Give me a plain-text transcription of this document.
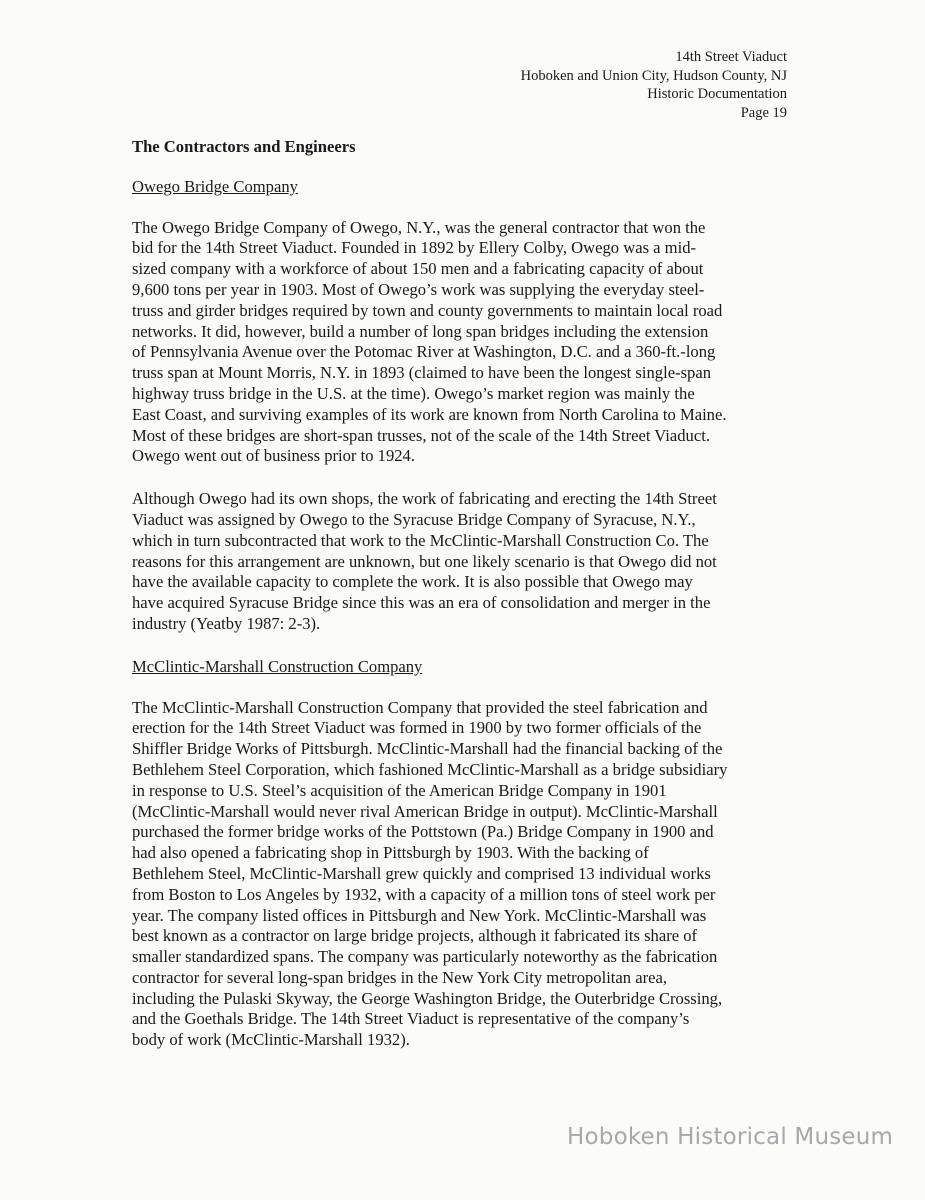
14th Street Viaduct
Hoboken and Union City, Hudson County, NJ
Historic Documentation
Page 19
The Contractors and Engineers
Owego Bridge Company
The Owego Bridge Company of Owego, N.Y., was the general contractor that won the
bid for the 14th Street Viaduct. Founded in 1892 by Ellery Colby, Owego was a mid-
sized company with a workforce of about 150 men and a fabricating capacity of about
9,600 tons per year in 1903. Most of Owego’s work was supplying the everyday steel-
truss and girder bridges required by town and county governments to maintain local road
networks. It did, however, build a number of long span bridges including the extension
of Pennsylvania Avenue over the Potomac River at Washington, D.C. and a 360-ft.-long
truss span at Mount Morris, N.Y. in 1893 (claimed to have been the longest single-span
highway truss bridge in the U.S. at the time). Owego’s market region was mainly the
East Coast, and surviving examples of its work are known from North Carolina to Maine.
Most of these bridges are short-span trusses, not of the scale of the 14th Street Viaduct.
Owego went out of business prior to 1924.
Although Owego had its own shops, the work of fabricating and erecting the 14th Street
Viaduct was assigned by Owego to the Syracuse Bridge Company of Syracuse, N.Y.,
which in turn subcontracted that work to the McClintic-Marshall Construction Co. The
reasons for this arrangement are unknown, but one likely scenario is that Owego did not
have the available capacity to complete the work. It is also possible that Owego may
have acquired Syracuse Bridge since this was an era of consolidation and merger in the
industry (Yeatby 1987: 2-3).
McClintic-Marshall Construction Company
The McClintic-Marshall Construction Company that provided the steel fabrication and
erection for the 14th Street Viaduct was formed in 1900 by two former officials of the
Shiffler Bridge Works of Pittsburgh. McClintic-Marshall had the financial backing of the
Bethlehem Steel Corporation, which fashioned McClintic-Marshall as a bridge subsidiary
in response to U.S. Steel’s acquisition of the American Bridge Company in 1901
(McClintic-Marshall would never rival American Bridge in output). McClintic-Marshall
purchased the former bridge works of the Pottstown (Pa.) Bridge Company in 1900 and
had also opened a fabricating shop in Pittsburgh by 1903. With the backing of
Bethlehem Steel, McClintic-Marshall grew quickly and comprised 13 individual works
from Boston to Los Angeles by 1932, with a capacity of a million tons of steel work per
year. The company listed offices in Pittsburgh and New York. McClintic-Marshall was
best known as a contractor on large bridge projects, although it fabricated its share of
smaller standardized spans. The company was particularly noteworthy as the fabrication
contractor for several long-span bridges in the New York City metropolitan area,
including the Pulaski Skyway, the George Washington Bridge, the Outerbridge Crossing,
and the Goethals Bridge. The 14th Street Viaduct is representative of the company’s
body of work (McClintic-Marshall 1932).
Hoboken Historical Museum
